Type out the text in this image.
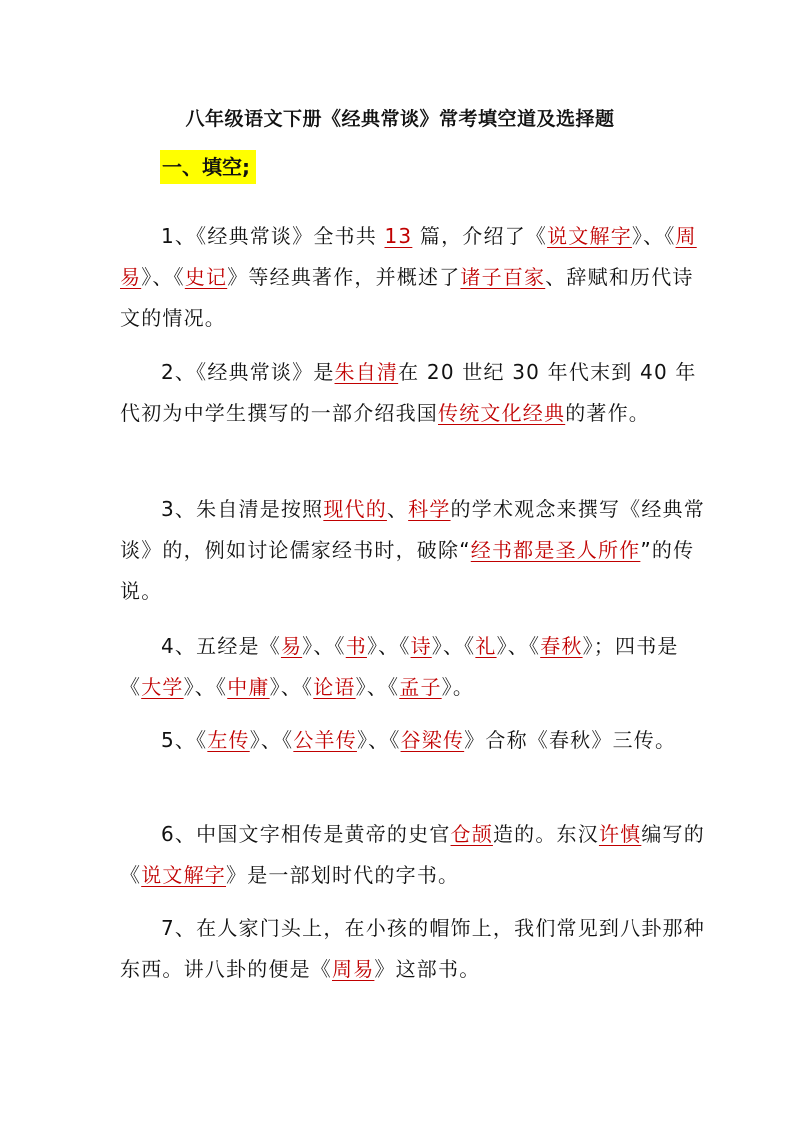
八年级语文下册《经典常谈》常考填空道及选择题
一、填空;

1、《经典常谈》全书共 13 篇，介绍了《说文解字》、《周易》、《史记》等经典著作，并概述了诸子百家、辞赋和历代诗文的情况。

2、《经典常谈》是朱自清在 20 世纪 30 年代末到 40 年代初为中学生撰写的一部介绍我国传统文化经典的著作。

3、朱自清是按照现代的、科学的学术观念来撰写《经典常谈》的，例如讨论儒家经书时，破除“经书都是圣人所作”的传说。

4、五经是《易》、《书》、《诗》、《礼》、《春秋》；四书是《大学》、《中庸》、《论语》、《孟子》。

5、《左传》、《公羊传》、《谷梁传》合称《春秋》三传。

6、中国文字相传是黄帝的史官仓颉造的。东汉许慎编写的《说文解字》是一部划时代的字书。

7、在人家门头上，在小孩的帽饰上，我们常见到八卦那种东西。讲八卦的便是《周易》这部书。
